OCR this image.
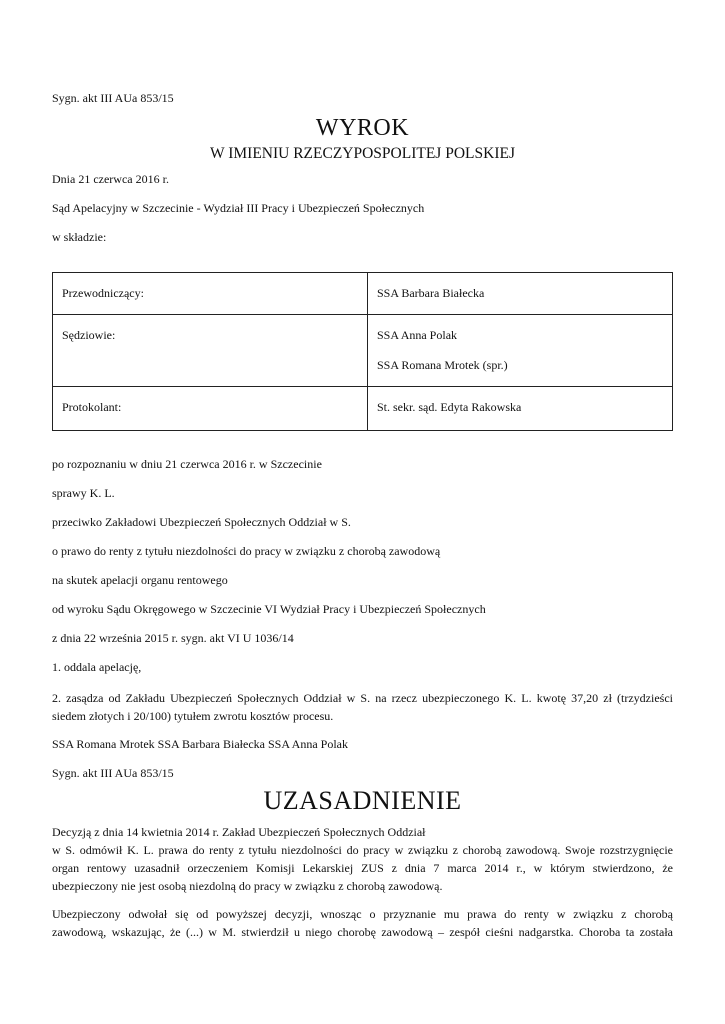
Sygn. akt III AUa 853/15
WYROK
W IMIENIU RZECZYPOSPOLITEJ POLSKIEJ
Dnia 21 czerwca 2016 r.
Sąd Apelacyjny w Szczecinie - Wydział III Pracy i Ubezpieczeń Społecznych
w składzie:
Przewodniczący:	SSA Barbara Białecka
Sędziowie:	SSA Anna Polak
SSA Romana Mrotek (spr.)

Protokolant:	St. sekr. sąd. Edyta Rakowska
po rozpoznaniu w dniu 21 czerwca 2016 r. w Szczecinie
sprawy K. L.
przeciwko Zakładowi Ubezpieczeń Społecznych Oddział w S.
o prawo do renty z tytułu niezdolności do pracy w związku z chorobą zawodową
na skutek apelacji organu rentowego
od wyroku Sądu Okręgowego w Szczecinie VI Wydział Pracy i Ubezpieczeń Społecznych
z dnia 22 września 2015 r. sygn. akt VI U 1036/14
1. oddala apelację,
2. zasądza od Zakładu Ubezpieczeń Społecznych Oddział w S. na rzecz ubezpieczonego K. L. kwotę 37,20 zł (trzydzieści
siedem złotych i 20/100) tytułem zwrotu kosztów procesu.
SSA Romana Mrotek SSA Barbara Białecka SSA Anna Polak
Sygn. akt III AUa 853/15
UZASADNIENIE
Decyzją z dnia 14 kwietnia 2014 r. Zakład Ubezpieczeń Społecznych Oddział
w S. odmówił K. L. prawa do renty z tytułu niezdolności do pracy w związku z chorobą zawodową. Swoje rozstrzygnięcie
organ rentowy uzasadnił orzeczeniem Komisji Lekarskiej ZUS z dnia 7 marca 2014 r., w którym stwierdzono, że
ubezpieczony nie jest osobą niezdolną do pracy w związku z chorobą zawodową.
Ubezpieczony odwołał się od powyższej decyzji, wnosząc o przyznanie mu prawa do renty w związku z chorobą
zawodową, wskazując, że (...) w M. stwierdził u niego chorobę zawodową – zespół cieśni nadgarstka. Choroba ta została
